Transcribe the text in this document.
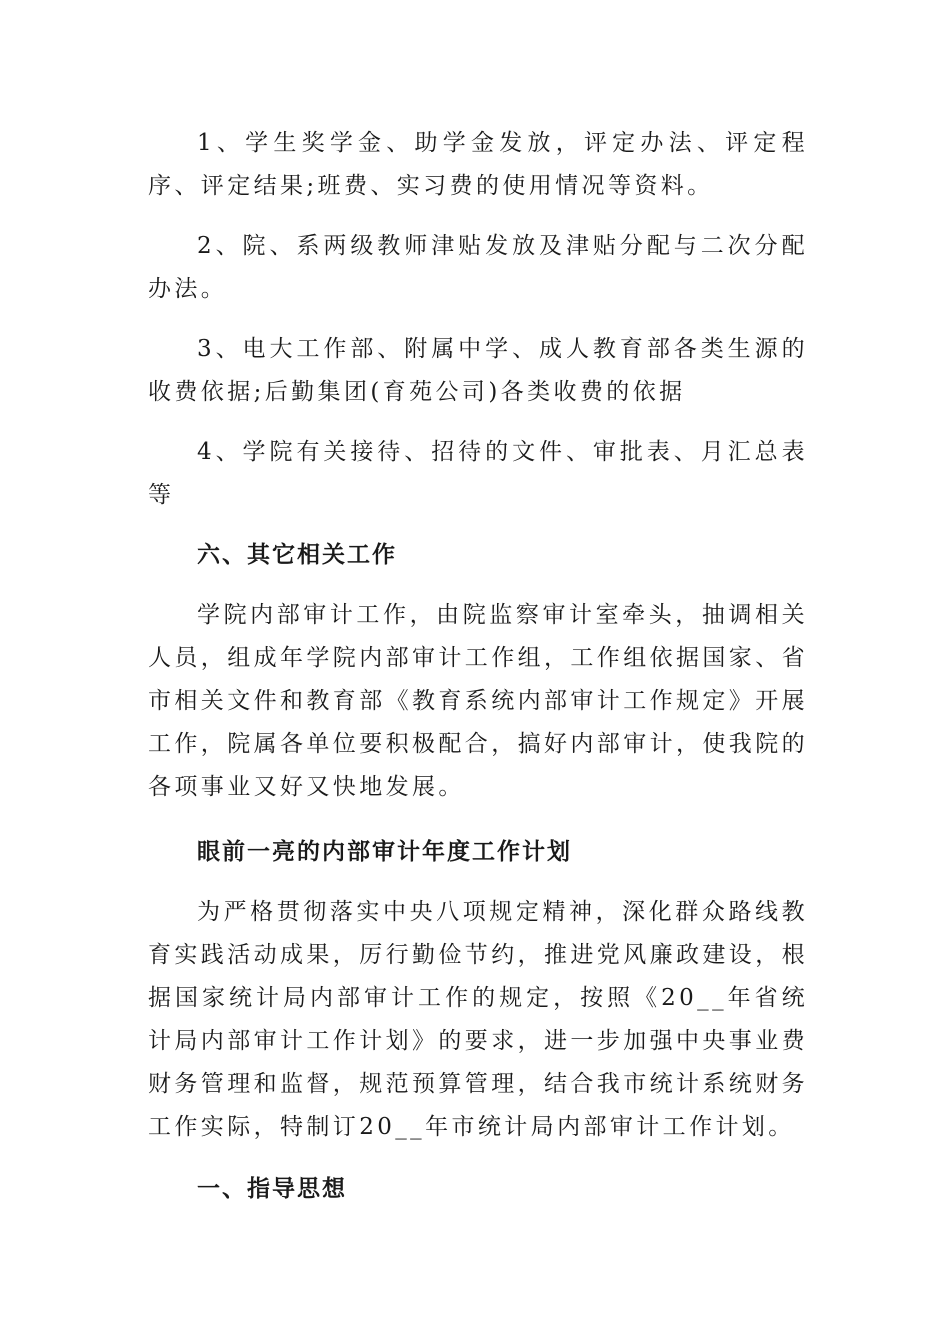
1、学生奖学金、助学金发放，评定办法、评定程序、评定结果;班费、实习费的使用情况等资料。

2、院、系两级教师津贴发放及津贴分配与二次分配办法。

3、电大工作部、附属中学、成人教育部各类生源的收费依据;后勤集团(育苑公司)各类收费的依据

4、学院有关接待、招待的文件、审批表、月汇总表等

六、其它相关工作

学院内部审计工作，由院监察审计室牵头，抽调相关人员，组成年学院内部审计工作组，工作组依据国家、省市相关文件和教育部《教育系统内部审计工作规定》开展工作，院属各单位要积极配合，搞好内部审计，使我院的各项事业又好又快地发展。

眼前一亮的内部审计年度工作计划

为严格贯彻落实中央八项规定精神，深化群众路线教育实践活动成果，厉行勤俭节约，推进党风廉政建设，根据国家统计局内部审计工作的规定，按照《20__年省统计局内部审计工作计划》的要求，进一步加强中央事业费财务管理和监督，规范预算管理，结合我市统计系统财务工作实际，特制订20__年市统计局内部审计工作计划。

一、指导思想
